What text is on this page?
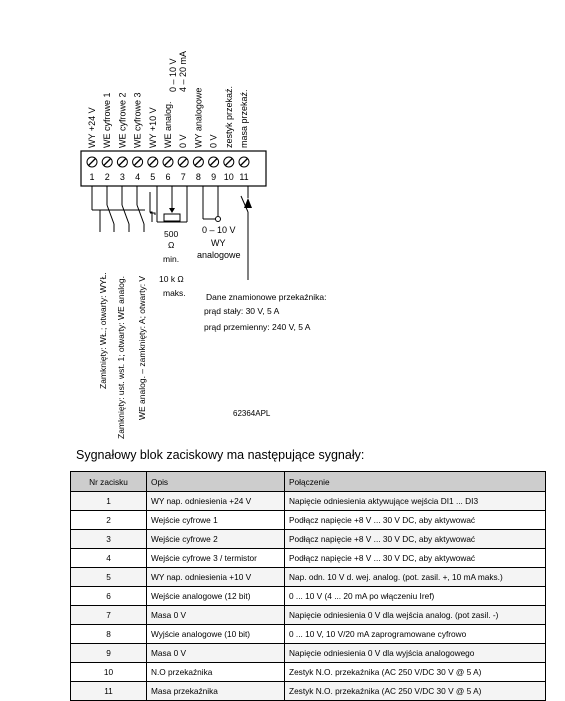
1 2 3 4 5 6 7 8 9 10 11
WY +24 V WE cyfrowe 1 WE cyfrowe 2 WE cyfrowe 3 WY +10 V WE analog. 0 V WY analogowe 0 V zestyk przekaź. masa przekaź.
0 – 10 V 4 – 20 mA
500
Ω
min.
10 k Ω
maks.
0 – 10 V
WY
analogowe
Zamknięty: WŁ.; otwarty: WYŁ. Zamknięty: ust. wst. 1; otwarty: WE analog. WE analog. – zamknięty: A; otwarty: V	Dane znamionowe przekaźnika:
prąd stały: 30 V, 5 A
prąd przemienny: 240 V, 5 A
62364APL
Sygnałowy blok zaciskowy ma następujące sygnały:
Nr zacisku	Opis	Połączenie
1	WY nap. odniesienia +24 V	Napięcie odniesienia aktywujące wejścia DI1 ... DI3
2	Wejście cyfrowe 1	Podłącz napięcie +8 V ... 30 V DC, aby aktywować
3	Wejście cyfrowe 2	Podłącz napięcie +8 V ... 30 V DC, aby aktywować
4	Wejście cyfrowe 3 / termistor	Podłącz napięcie +8 V ... 30 V DC, aby aktywować
5	WY nap. odniesienia +10 V	Nap. odn. 10 V d. wej. analog. (pot. zasil. +, 10 mA maks.)
6	Wejście analogowe (12 bit)	0 ... 10 V (4 ... 20 mA po włączeniu Iref)
7	Masa 0 V	Napięcie odniesienia 0 V dla wejścia analog. (pot zasil. -)
8	Wyjście analogowe (10 bit)	0 ... 10 V, 10 V/20 mA zaprogramowane cyfrowo
9	Masa 0 V	Napięcie odniesienia 0 V dla wyjścia analogowego
10	N.O przekaźnika	Zestyk N.O. przekaźnika (AC 250 V/DC 30 V @ 5 A)
11	Masa przekaźnika	Zestyk N.O. przekaźnika (AC 250 V/DC 30 V @ 5 A)
